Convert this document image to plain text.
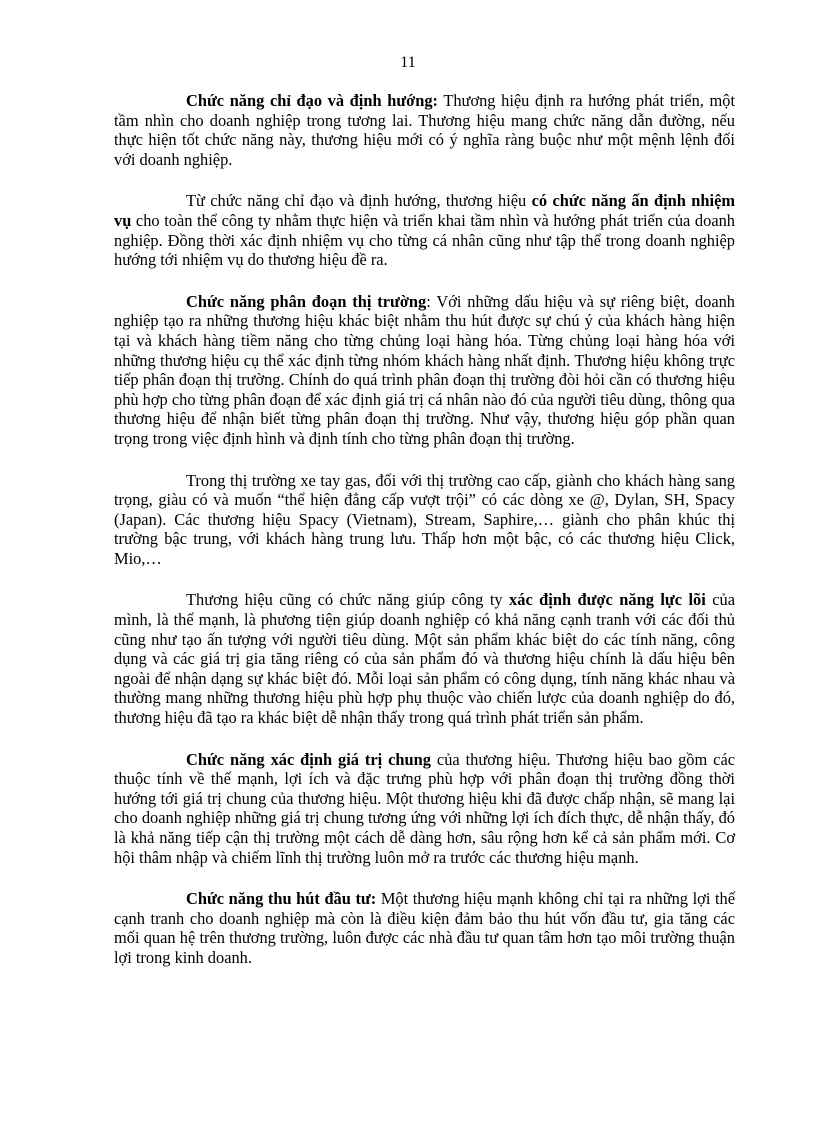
11

Chức năng chỉ đạo và định hướng: Thương hiệu định ra hướng phát triển, một tầm nhìn cho doanh nghiệp trong tương lai. Thương hiệu mang chức năng dẫn đường, nếu thực hiện tốt chức năng này, thương hiệu mới có ý nghĩa ràng buộc như một mệnh lệnh đối với doanh nghiệp.

Từ chức năng chỉ đạo và định hướng, thương hiệu có chức năng ấn định nhiệm vụ cho toàn thể công ty nhằm thực hiện và triển khai tầm nhìn và hướng phát triển của doanh nghiệp. Đồng thời xác định nhiệm vụ cho từng cá nhân cũng như tập thể trong doanh nghiệp hướng tới nhiệm vụ do thương hiệu đề ra.

Chức năng phân đoạn thị trường: Với những dấu hiệu và sự riêng biệt, doanh nghiệp tạo ra những thương hiệu khác biệt nhằm thu hút được sự chú ý của khách hàng hiện tại và khách hàng tiềm năng cho từng chủng loại hàng hóa. Từng chủng loại hàng hóa với những thương hiệu cụ thể xác định từng nhóm khách hàng nhất định. Thương hiệu không trực tiếp phân đoạn thị trường. Chính do quá trình phân đoạn thị trường đòi hỏi cần có thương hiệu phù hợp cho từng phân đoạn để xác định giá trị cá nhân nào đó của người tiêu dùng, thông qua thương hiệu để nhận biết từng phân đoạn thị trường. Như vậy, thương hiệu góp phần quan trọng trong việc định hình và định tính cho từng phân đoạn thị trường.

Trong thị trường xe tay gas, đối với thị trường cao cấp, giành cho khách hàng sang trọng, giàu có và muốn “thể hiện đẳng cấp vượt trội” có các dòng xe @, Dylan, SH, Spacy (Japan). Các thương hiệu Spacy (Vietnam), Stream, Saphire,… giành cho phân khúc thị trường bậc trung, với khách hàng trung lưu. Thấp hơn một bậc, có các thương hiệu Click, Mio,…

Thương hiệu cũng có chức năng giúp công ty xác định được năng lực lõi của mình, là thế mạnh, là phương tiện giúp doanh nghiệp có khả năng cạnh tranh với các đối thủ cũng như tạo ấn tượng với người tiêu dùng. Một sản phẩm khác biệt do các tính năng, công dụng và các giá trị gia tăng riêng có của sản phẩm đó và thương hiệu chính là dấu hiệu bên ngoài để nhận dạng sự khác biệt đó. Mỗi loại sản phẩm có công dụng, tính năng khác nhau và thường mang những thương hiệu phù hợp phụ thuộc vào chiến lược của doanh nghiệp do đó, thương hiệu đã tạo ra khác biệt dễ nhận thấy trong quá trình phát triển sản phẩm.

Chức năng xác định giá trị chung của thương hiệu. Thương hiệu bao gồm các thuộc tính về thế mạnh, lợi ích và đặc trưng phù hợp với phân đoạn thị trường đồng thời hướng tới giá trị chung của thương hiệu. Một thương hiệu khi đã được chấp nhận, sẽ mang lại cho doanh nghiệp những giá trị chung tương ứng với những lợi ích đích thực, dễ nhận thấy, đó là khả năng tiếp cận thị trường một cách dễ dàng hơn, sâu rộng hơn kể cả sản phẩm mới. Cơ hội thâm nhập và chiếm lĩnh thị trường luôn mở ra trước các thương hiệu mạnh.

Chức năng thu hút đầu tư: Một thương hiệu mạnh không chỉ tại ra những lợi thế cạnh tranh cho doanh nghiệp mà còn là điều kiện đảm bảo thu hút vốn đầu tư, gia tăng các mối quan hệ trên thương trường, luôn được các nhà đầu tư quan tâm hơn tạo môi trường thuận lợi trong kinh doanh.
